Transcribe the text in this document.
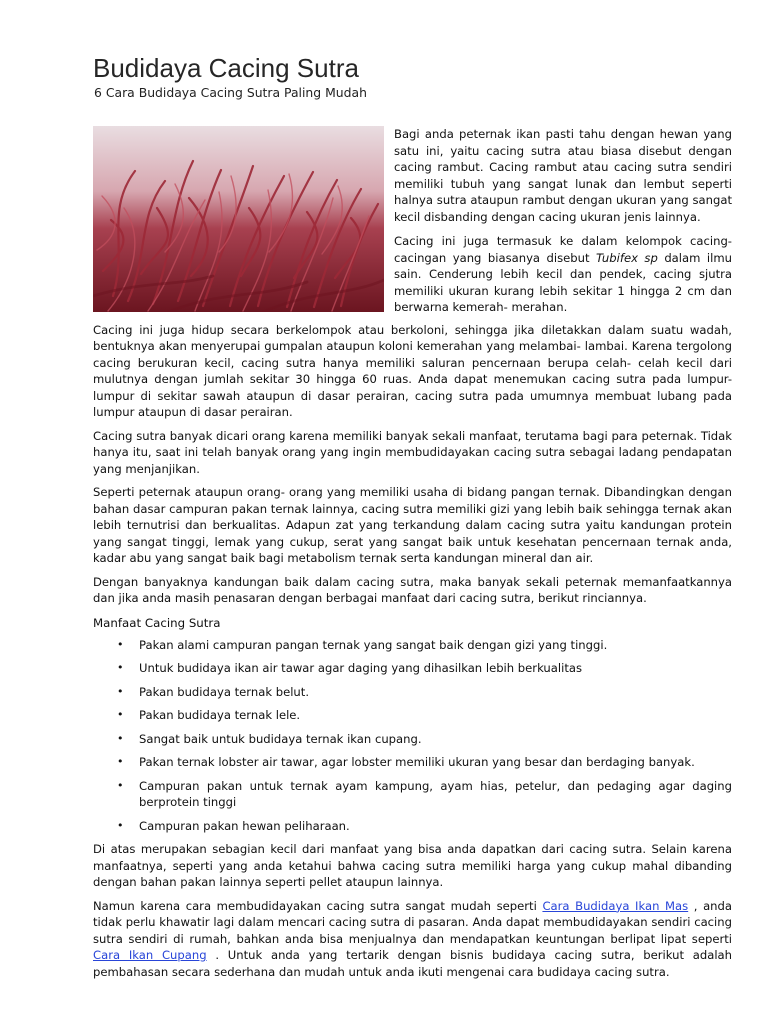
Budidaya Cacing Sutra
6 Cara Budidaya Cacing Sutra Paling Mudah

Bagi anda peternak ikan pasti tahu dengan hewan yang satu ini, yaitu cacing sutra atau biasa disebut dengan cacing rambut. Cacing rambut atau cacing sutra sendiri memiliki tubuh yang sangat lunak dan lembut seperti halnya sutra ataupun rambut dengan ukuran yang sangat kecil disbanding dengan cacing ukuran jenis lainnya.

Cacing ini juga termasuk ke dalam kelompok cacing- cacingan yang biasanya disebut Tubifex sp dalam ilmu sain. Cenderung lebih kecil dan pendek, cacing sjutra memiliki ukuran kurang lebih sekitar 1 hingga 2 cm dan berwarna kemerah- merahan.

Cacing ini juga hidup secara berkelompok atau berkoloni, sehingga jika diletakkan dalam suatu wadah, bentuknya akan menyerupai gumpalan ataupun koloni kemerahan yang melambai- lambai. Karena tergolong cacing berukuran kecil, cacing sutra hanya memiliki saluran pencernaan berupa celah- celah kecil dari mulutnya dengan jumlah sekitar 30 hingga 60 ruas. Anda dapat menemukan cacing sutra pada lumpur- lumpur di sekitar sawah ataupun di dasar perairan, cacing sutra pada umumnya membuat lubang pada lumpur ataupun di dasar perairan.

Cacing sutra banyak dicari orang karena memiliki banyak sekali manfaat, terutama bagi para peternak. Tidak hanya itu, saat ini telah banyak orang yang ingin membudidayakan cacing sutra sebagai ladang pendapatan yang menjanjikan.

Seperti peternak ataupun orang- orang yang memiliki usaha di bidang pangan ternak. Dibandingkan dengan bahan dasar campuran pakan ternak lainnya, cacing sutra memiliki gizi yang lebih baik sehingga ternak akan lebih ternutrisi dan berkualitas. Adapun zat yang terkandung dalam cacing sutra yaitu kandungan protein yang sangat tinggi, lemak yang cukup, serat yang sangat baik untuk kesehatan pencernaan ternak anda, kadar abu yang sangat baik bagi metabolism ternak serta kandungan mineral dan air.

Dengan banyaknya kandungan baik dalam cacing sutra, maka banyak sekali peternak memanfaatkannya dan jika anda masih penasaran dengan berbagai manfaat dari cacing sutra, berikut rinciannya.

Manfaat Cacing Sutra
• Pakan alami campuran pangan ternak yang sangat baik dengan gizi yang tinggi.

• Untuk budidaya ikan air tawar agar daging yang dihasilkan lebih berkualitas

• Pakan budidaya ternak belut.

• Pakan budidaya ternak lele.

• Sangat baik untuk budidaya ternak ikan cupang.

• Pakan ternak lobster air tawar, agar lobster memiliki ukuran yang besar dan berdaging banyak.

• Campuran pakan untuk ternak ayam kampung, ayam hias, petelur, dan pedaging agar daging berprotein tinggi

• Campuran pakan hewan peliharaan.

Di atas merupakan sebagian kecil dari manfaat yang bisa anda dapatkan dari cacing sutra. Selain karena manfaatnya, seperti yang anda ketahui bahwa cacing sutra memiliki harga yang cukup mahal dibanding dengan bahan pakan lainnya seperti pellet ataupun lainnya.

Namun karena cara membudidayakan cacing sutra sangat mudah seperti Cara Budidaya Ikan Mas , anda tidak perlu khawatir lagi dalam mencari cacing sutra di pasaran. Anda dapat membudidayakan sendiri cacing sutra sendiri di rumah, bahkan anda bisa menjualnya dan mendapatkan keuntungan berlipat lipat seperti Cara Ikan Cupang . Untuk anda yang tertarik dengan bisnis budidaya cacing sutra, berikut adalah pembahasan secara sederhana dan mudah untuk anda ikuti mengenai cara budidaya cacing sutra.
